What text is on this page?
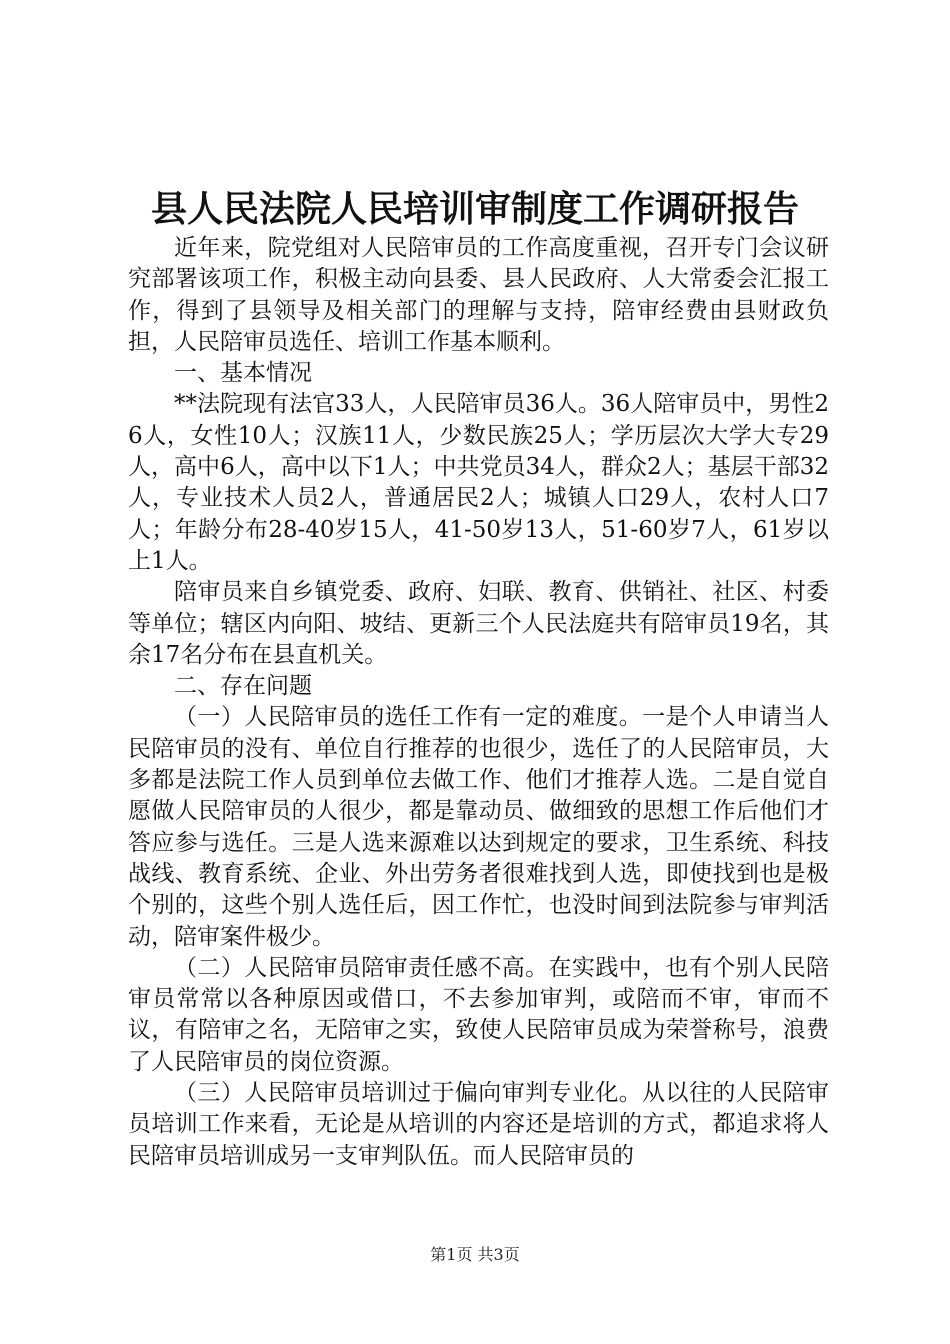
县人民法院人民培训审制度工作调研报告

近年来，院党组对人民陪审员的工作高度重视，召开专门会议研究部署该项工作，积极主动向县委、县人民政府、人大常委会汇报工作，得到了县领导及相关部门的理解与支持，陪审经费由县财政负担，人民陪审员选任、培训工作基本顺利。

一、基本情况

**法院现有法官33人，人民陪审员36人。36人陪审员中，男性26人，女性10人；汉族11人，少数民族25人；学历层次大学大专29人，高中6人，高中以下1人；中共党员34人，群众2人；基层干部32人，专业技术人员2人，普通居民2人；城镇人口29人，农村人口7人；年龄分布28-40岁15人，41-50岁13人，51-60岁7人，61岁以上1人。

陪审员来自乡镇党委、政府、妇联、教育、供销社、社区、村委等单位；辖区内向阳、坡结、更新三个人民法庭共有陪审员19名，其余17名分布在县直机关。

二、存在问题

（一）人民陪审员的选任工作有一定的难度。一是个人申请当人民陪审员的没有、单位自行推荐的也很少，选任了的人民陪审员，大多都是法院工作人员到单位去做工作、他们才推荐人选。二是自觉自愿做人民陪审员的人很少，都是靠动员、做细致的思想工作后他们才答应参与选任。三是人选来源难以达到规定的要求，卫生系统、科技战线、教育系统、企业、外出劳务者很难找到人选，即使找到也是极个别的，这些个别人选任后，因工作忙，也没时间到法院参与审判活动，陪审案件极少。

（二）人民陪审员陪审责任感不高。在实践中，也有个别人民陪审员常常以各种原因或借口，不去参加审判，或陪而不审，审而不议，有陪审之名，无陪审之实，致使人民陪审员成为荣誉称号，浪费了人民陪审员的岗位资源。

（三）人民陪审员培训过于偏向审判专业化。从以往的人民陪审员培训工作来看，无论是从培训的内容还是培训的方式，都追求将人民陪审员培训成另一支审判队伍。而人民陪审员的

第1页 共3页
